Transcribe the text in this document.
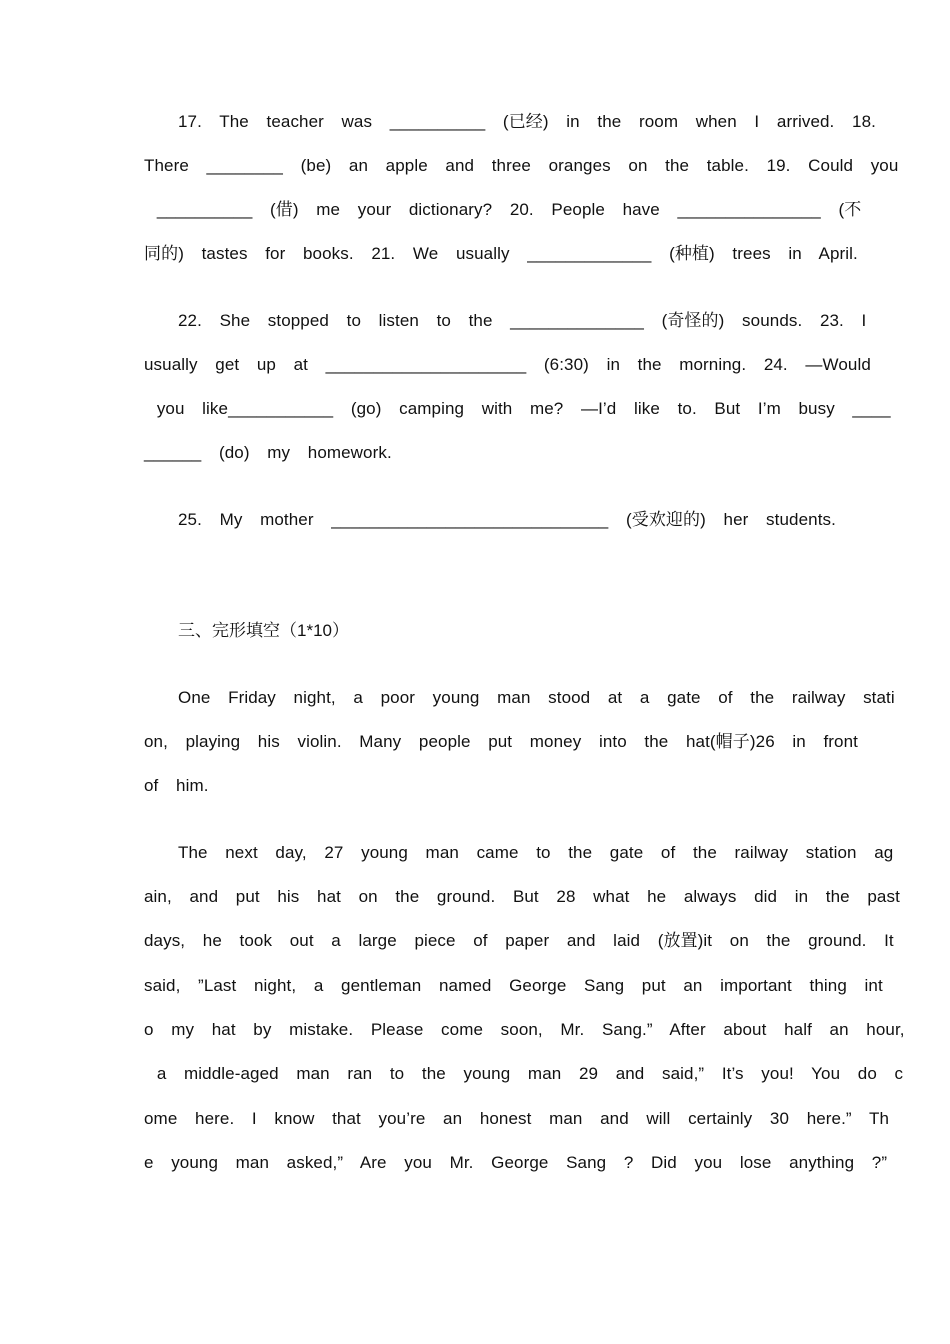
17.  The  teacher  was  __________  (已经)  in  the  room  when  I  arrived.  18.
There  ________  (be)  an  apple  and  three  oranges  on  the  table.  19.  Could  you
__________  (借)  me  your  dictionary?  20.  People  have  _______________  (不
同的)  tastes  for  books.  21.  We  usually  _____________  (种植)  trees  in  April.
22.  She  stopped  to  listen  to  the  ______________  (奇怪的)  sounds.  23.  I
usually  get  up  at  _____________________  (6:30)  in  the  morning.  24.  —Would
you  like___________  (go)  camping  with  me?  —I’d  like  to.  But  I’m  busy  ____
______  (do)  my  homework.
25.  My  mother  _____________________________  (受欢迎的)  her  students.
三、完形填空（1*10）
One  Friday  night,  a  poor  young  man  stood  at  a  gate  of  the  railway  stati
on,  playing  his  violin.  Many  people  put  money  into  the  hat(帽子)26  in  front
of  him.
The  next  day,  27  young  man  came  to  the  gate  of  the  railway  station  ag
ain,  and  put  his  hat  on  the  ground.  But  28  what  he  always  did  in  the  past
days,  he  took  out  a  large  piece  of  paper  and  laid  (放置)it  on  the  ground.  It
said,  ”Last  night,  a  gentleman  named  George  Sang  put  an  important  thing  int
o  my  hat  by  mistake.  Please  come  soon,  Mr.  Sang.”  After  about  half  an  hour,
a  middle-aged  man  ran  to  the  young  man  29  and  said,”  It’s  you!  You  do  c
ome  here.  I  know  that  you’re  an  honest  man  and  will  certainly  30  here.”  Th
e  young  man  asked,”  Are  you  Mr.  George  Sang  ?  Did  you  lose  anything  ?”
